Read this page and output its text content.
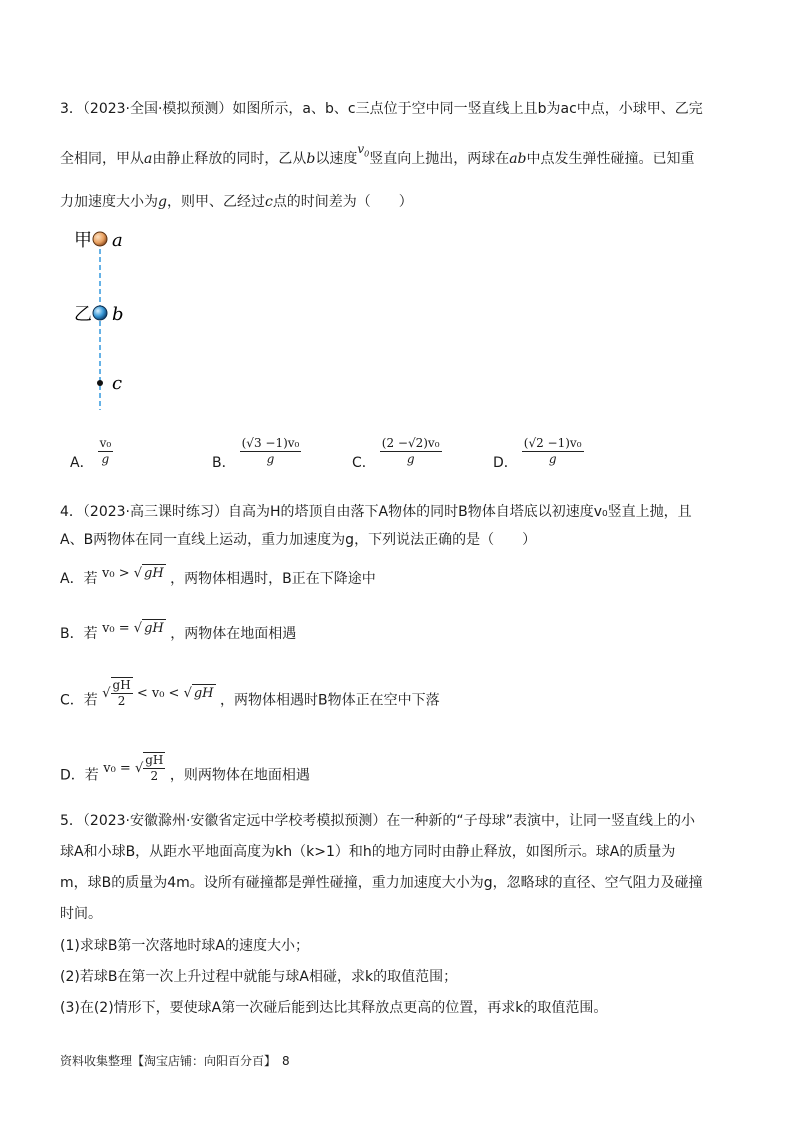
3．（2023·全国·模拟预测）如图所示，a、b、c三点位于空中同一竖直线上且b为ac中点，小球甲、乙完
全相同，甲从a由静止释放的同时，乙从b以速度$v_0$竖直向上抛出，两球在ab中点发生弹性碰撞。已知重
力加速度大小为g，则甲、乙经过c点的时间差为（　　）
甲 a
乙 b
c
A． $\frac{\text{v₀}}{g}$	B． $\frac{\text{(√3 −1)v₀}}{g}$	C． $\frac{\text{(2 −√2)v₀}}{g}$	D． $\frac{\text{(√2 −1)v₀}}{g}$
4．（2023·高三课时练习）自高为H的塔顶自由落下A物体的同时B物体自塔底以初速度v₀竖直上抛，且
A、B两物体在同一直线上运动，重力加速度为g，下列说法正确的是（　　）
A．若 v₀ > √ gH ，两物体相遇时，B正在下降途中
B．若 v₀ = √ gH ，两物体在地面相遇
C．若 √ $\frac{gH}{2} < v_0$ < √ gH ，两物体相遇时B物体正在空中下落
D．若 v₀ = √ $\frac{gH}{2}$ ，则两物体在地面相遇
5．（2023·安徽滁州·安徽省定远中学校考模拟预测）在一种新的“子母球”表演中，让同一竖直线上的小
球A和小球B，从距水平地面高度为kh（k>1）和h的地方同时由静止释放，如图所示。球A的质量为
m，球B的质量为4m。设所有碰撞都是弹性碰撞，重力加速度大小为g，忽略球的直径、空气阻力及碰撞
时间。
(1)求球B第一次落地时球A的速度大小；
(2)若球B在第一次上升过程中就能与球A相碰，求k的取值范围；
(3)在(2)情形下，要使球A第一次碰后能到达比其释放点更高的位置，再求k的取值范围。
资料收集整理【淘宝店铺：向阳百分百】　8
